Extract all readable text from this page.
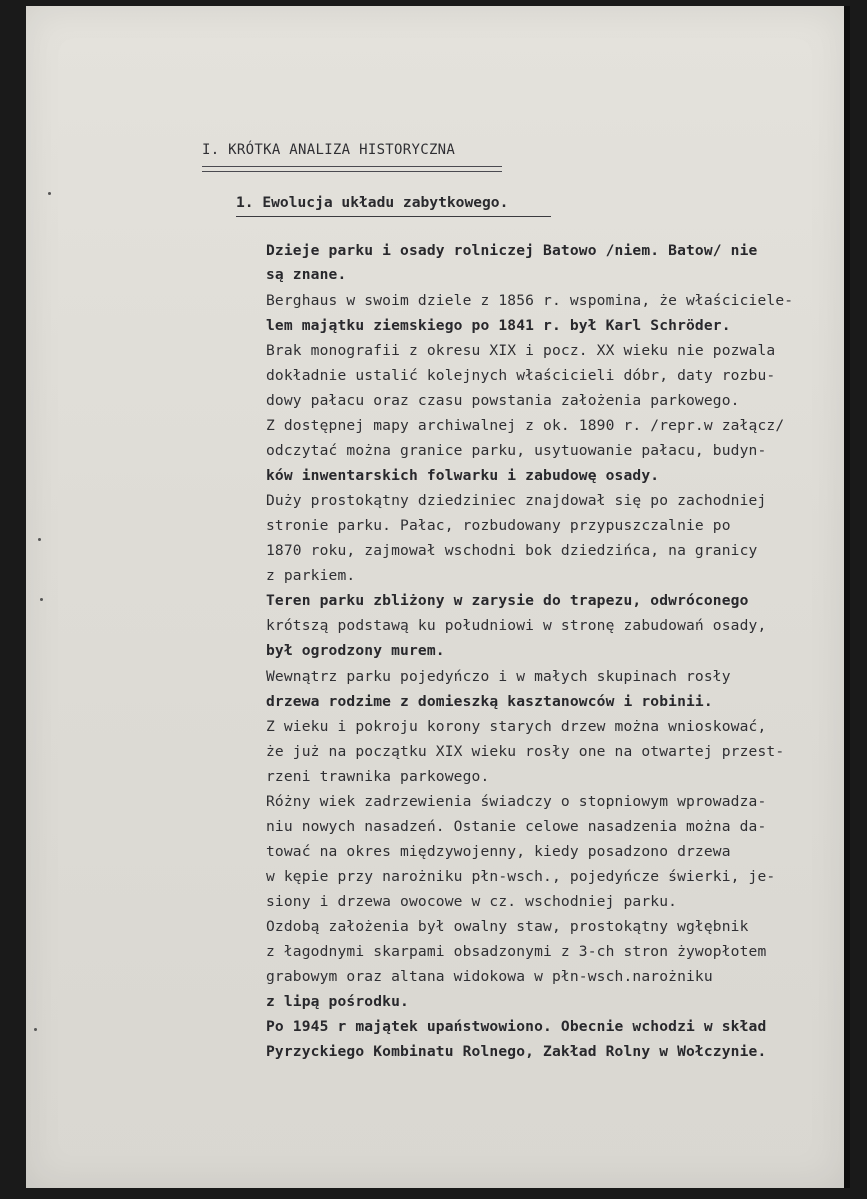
I. KRÓTKA ANALIZA HISTORYCZNA
1. Ewolucja układu zabytkowego.
Dzieje parku i osady rolniczej Batowo /niem. Batow/ nie
są znane.
Berghaus w swoim dziele z 1856 r. wspomina, że właściciele-
lem majątku ziemskiego po 1841 r. był Karl Schröder.
Brak monografii z okresu XIX i pocz. XX wieku nie pozwala
dokładnie ustalić kolejnych właścicieli dóbr, daty rozbu-
dowy pałacu oraz czasu powstania założenia parkowego.
Z dostępnej mapy archiwalnej z ok. 1890 r. /repr.w załącz/
odczytać można granice parku, usytuowanie pałacu, budyn-
ków inwentarskich folwarku i zabudowę osady.
Duży prostokątny dziedziniec znajdował się po zachodniej
stronie parku. Pałac, rozbudowany przypuszczalnie po
1870 roku, zajmował wschodni bok dziedzińca, na granicy
z parkiem.
Teren parku zbliżony w zarysie do trapezu, odwróconego
krótszą podstawą ku południowi w stronę zabudowań osady,
był ogrodzony murem.
Wewnątrz parku pojedyńczo i w małych skupinach rosły
drzewa rodzime z domieszką kasztanowców i robinii.
Z wieku i pokroju korony starych drzew można wnioskować,
że już na początku XIX wieku rosły one na otwartej przest-
rzeni trawnika parkowego.
Różny wiek zadrzewienia świadczy o stopniowym wprowadza-
niu nowych nasadzeń. Ostanie celowe nasadzenia można da-
tować na okres międzywojenny, kiedy posadzono drzewa
w kępie przy narożniku płn-wsch., pojedyńcze świerki, je-
siony i drzewa owocowe w cz. wschodniej parku.
Ozdobą założenia był owalny staw, prostokątny wgłębnik
z łagodnymi skarpami obsadzonymi z 3-ch stron żywopłotem
grabowym oraz altana widokowa w płn-wsch.narożniku
z lipą pośrodku.
Po 1945 r majątek upaństwowiono. Obecnie wchodzi w skład
Pyrzyckiego Kombinatu Rolnego, Zakład Rolny w Wołczynie.
